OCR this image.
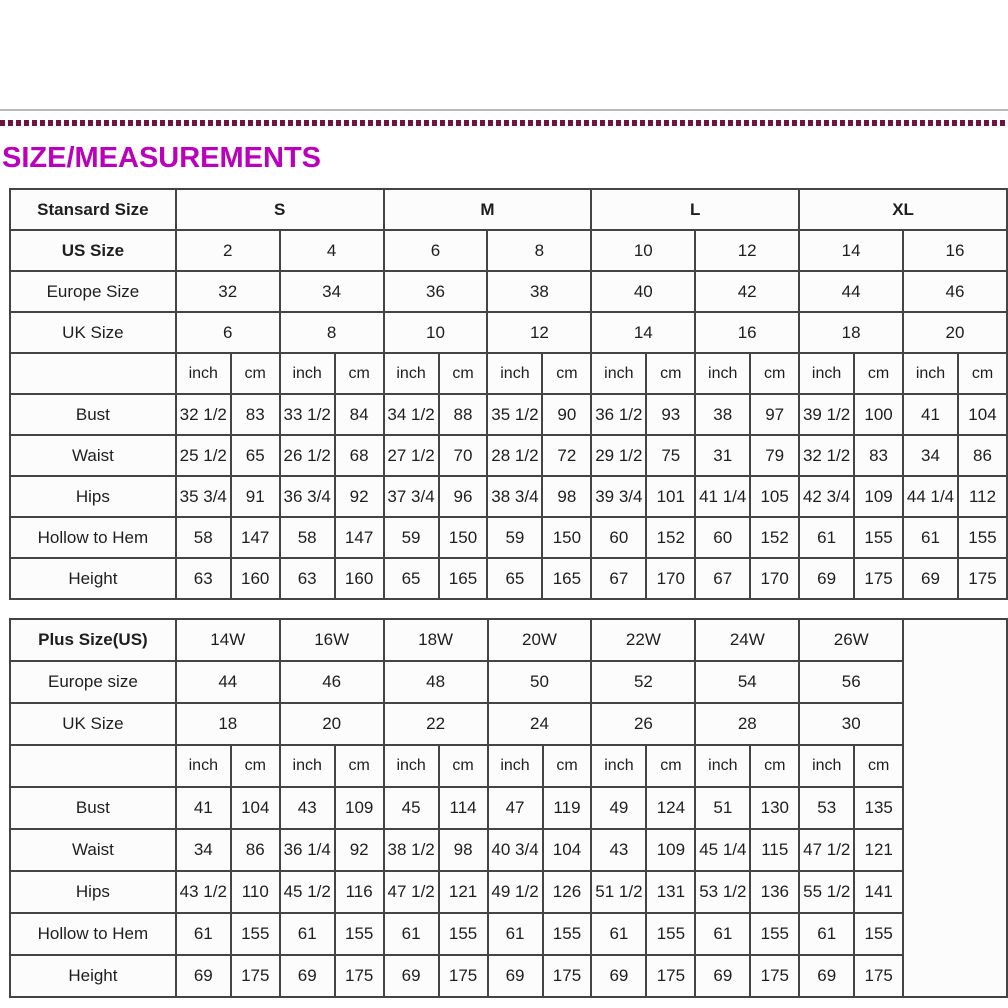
SIZE/MEASUREMENTS
Stansard Size	S				M				L				XL			
US Size	2		4		6		8		10		12		14		16	
Europe Size	32		34		36		38		40		42		44		46	
UK Size	6		8		10		12		14		16		18		20	
	inch	cm	inch	cm	inch	cm	inch	cm	inch	cm	inch	cm	inch	cm	inch	cm
Bust	32 1/2	83	33 1/2	84	34 1/2	88	35 1/2	90	36 1/2	93	38	97	39 1/2	100	41	104
Waist	25 1/2	65	26 1/2	68	27 1/2	70	28 1/2	72	29 1/2	75	31	79	32 1/2	83	34	86
Hips	35 3/4	91	36 3/4	92	37 3/4	96	38 3/4	98	39 3/4	101	41 1/4	105	42 3/4	109	44 1/4	112
Hollow to Hem	58	147	58	147	59	150	59	150	60	152	60	152	61	155	61	155
Height	63	160	63	160	65	165	65	165	67	170	67	170	69	175	69	175
Plus Size(US)	14W		16W		18W		20W		22W		24W		26W		
Europe size	44		46		48		50		52		54		56		
UK Size	18		20		22		24		26		28		30		
	inch	cm	inch	cm	inch	cm	inch	cm	inch	cm	inch	cm	inch	cm	
Bust	41	104	43	109	45	114	47	119	49	124	51	130	53	135	
Waist	34	86	36 1/4	92	38 1/2	98	40 3/4	104	43	109	45 1/4	115	47 1/2	121	
Hips	43 1/2	110	45 1/2	116	47 1/2	121	49 1/2	126	51 1/2	131	53 1/2	136	55 1/2	141	
Hollow to Hem	61	155	61	155	61	155	61	155	61	155	61	155	61	155	
Height	69	175	69	175	69	175	69	175	69	175	69	175	69	175	
